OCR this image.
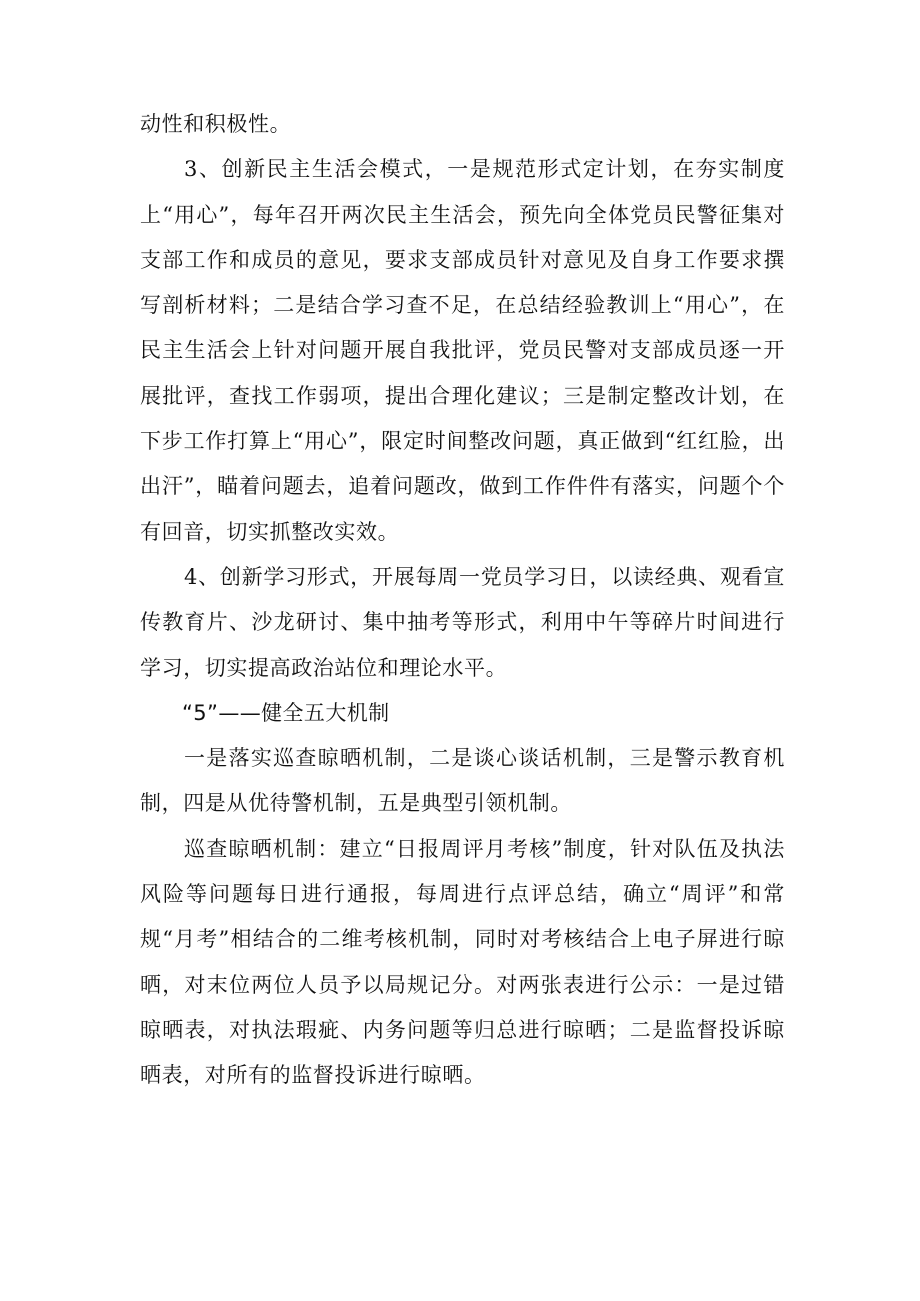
动性和积极性。

3、创新民主生活会模式，一是规范形式定计划，在夯实制度上“用心”，每年召开两次民主生活会，预先向全体党员民警征集对支部工作和成员的意见，要求支部成员针对意见及自身工作要求撰写剖析材料；二是结合学习查不足，在总结经验教训上“用心”，在民主生活会上针对问题开展自我批评，党员民警对支部成员逐一开展批评，查找工作弱项，提出合理化建议；三是制定整改计划，在下步工作打算上“用心”，限定时间整改问题，真正做到“红红脸，出出汗”，瞄着问题去，追着问题改，做到工作件件有落实，问题个个有回音，切实抓整改实效。

4、创新学习形式，开展每周一党员学习日，以读经典、观看宣传教育片、沙龙研讨、集中抽考等形式，利用中午等碎片时间进行学习，切实提高政治站位和理论水平。

“5”——健全五大机制

一是落实巡查晾晒机制，二是谈心谈话机制，三是警示教育机制，四是从优待警机制，五是典型引领机制。

巡查晾晒机制：建立“日报周评月考核”制度，针对队伍及执法风险等问题每日进行通报，每周进行点评总结，确立“周评”和常规“月考”相结合的二维考核机制，同时对考核结合上电子屏进行晾晒，对末位两位人员予以局规记分。对两张表进行公示：一是过错晾晒表，对执法瑕疵、内务问题等归总进行晾晒；二是监督投诉晾晒表，对所有的监督投诉进行晾晒。
